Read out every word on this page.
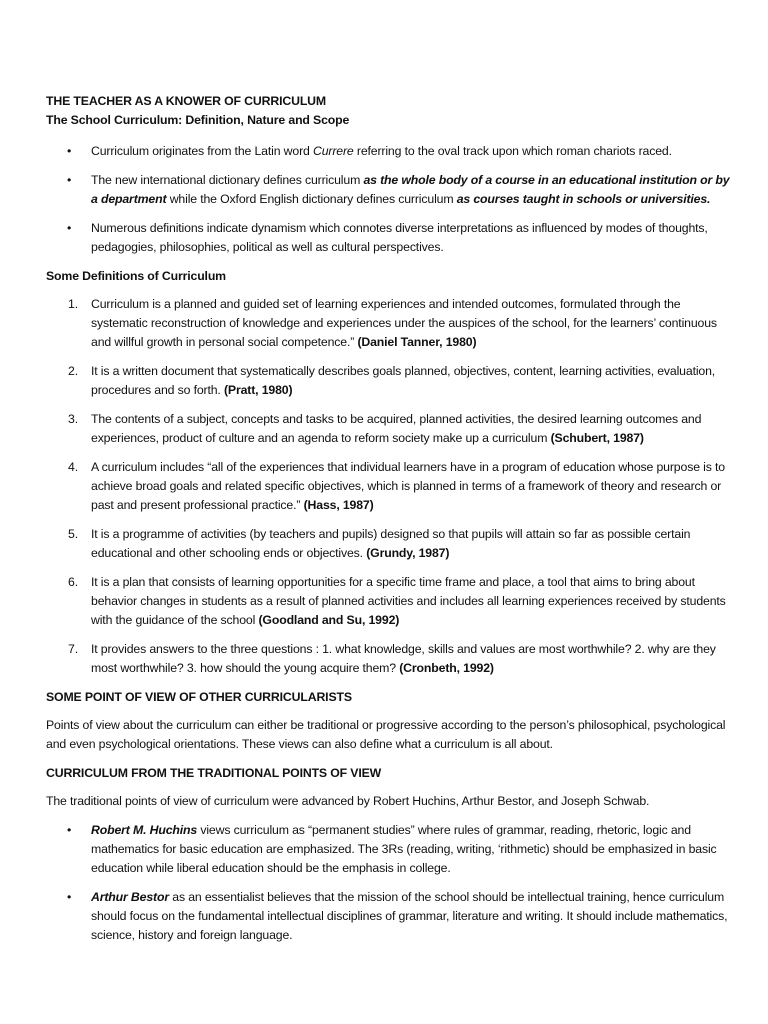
THE TEACHER AS A KNOWER OF CURRICULUM

The School Curriculum: Definition, Nature and Scope

• Curriculum originates from the Latin word Currere referring to the oval track upon which roman chariots raced.
• The new international dictionary defines curriculum as the whole body of a course in an educational institution or by a department while the Oxford English dictionary defines curriculum as courses taught in schools or universities.
• Numerous definitions indicate dynamism which connotes diverse interpretations as influenced by modes of thoughts, pedagogies, philosophies, political as well as cultural perspectives.

Some Definitions of Curriculum

1. Curriculum is a planned and guided set of learning experiences and intended outcomes, formulated through the systematic reconstruction of knowledge and experiences under the auspices of the school, for the learners’ continuous and willful growth in personal social competence.” (Daniel Tanner, 1980)
2. It is a written document that systematically describes goals planned, objectives, content, learning activities, evaluation, procedures and so forth. (Pratt, 1980)
3. The contents of a subject, concepts and tasks to be acquired, planned activities, the desired learning outcomes and experiences, product of culture and an agenda to reform society make up a curriculum (Schubert, 1987)
4. A curriculum includes “all of the experiences that individual learners have in a program of education whose purpose is to achieve broad goals and related specific objectives, which is planned in terms of a framework of theory and research or past and present professional practice.” (Hass, 1987)
5. It is a programme of activities (by teachers and pupils) designed so that pupils will attain so far as possible certain educational and other schooling ends or objectives. (Grundy, 1987)
6. It is a plan that consists of learning opportunities for a specific time frame and place, a tool that aims to bring about behavior changes in students as a result of planned activities and includes all learning experiences received by students with the guidance of the school (Goodland and Su, 1992)
7. It provides answers to the three questions : 1. what knowledge, skills and values are most worthwhile? 2. why are they most worthwhile? 3. how should the young acquire them? (Cronbeth, 1992)

SOME POINT OF VIEW OF OTHER CURRICULARISTS

Points of view about the curriculum can either be traditional or progressive according to the person’s philosophical, psychological and even psychological orientations. These views can also define what a curriculum is all about.

CURRICULUM FROM THE TRADITIONAL POINTS OF VIEW

The traditional points of view of curriculum were advanced by Robert Huchins, Arthur Bestor, and Joseph Schwab.

• Robert M. Huchins views curriculum as “permanent studies” where rules of grammar, reading, rhetoric, logic and mathematics for basic education are emphasized. The 3Rs (reading, writing, ‘rithmetic) should be emphasized in basic education while liberal education should be the emphasis in college.
• Arthur Bestor as an essentialist believes that the mission of the school should be intellectual training, hence curriculum should focus on the fundamental intellectual disciplines of grammar, literature and writing. It should include mathematics, science, history and foreign language.
